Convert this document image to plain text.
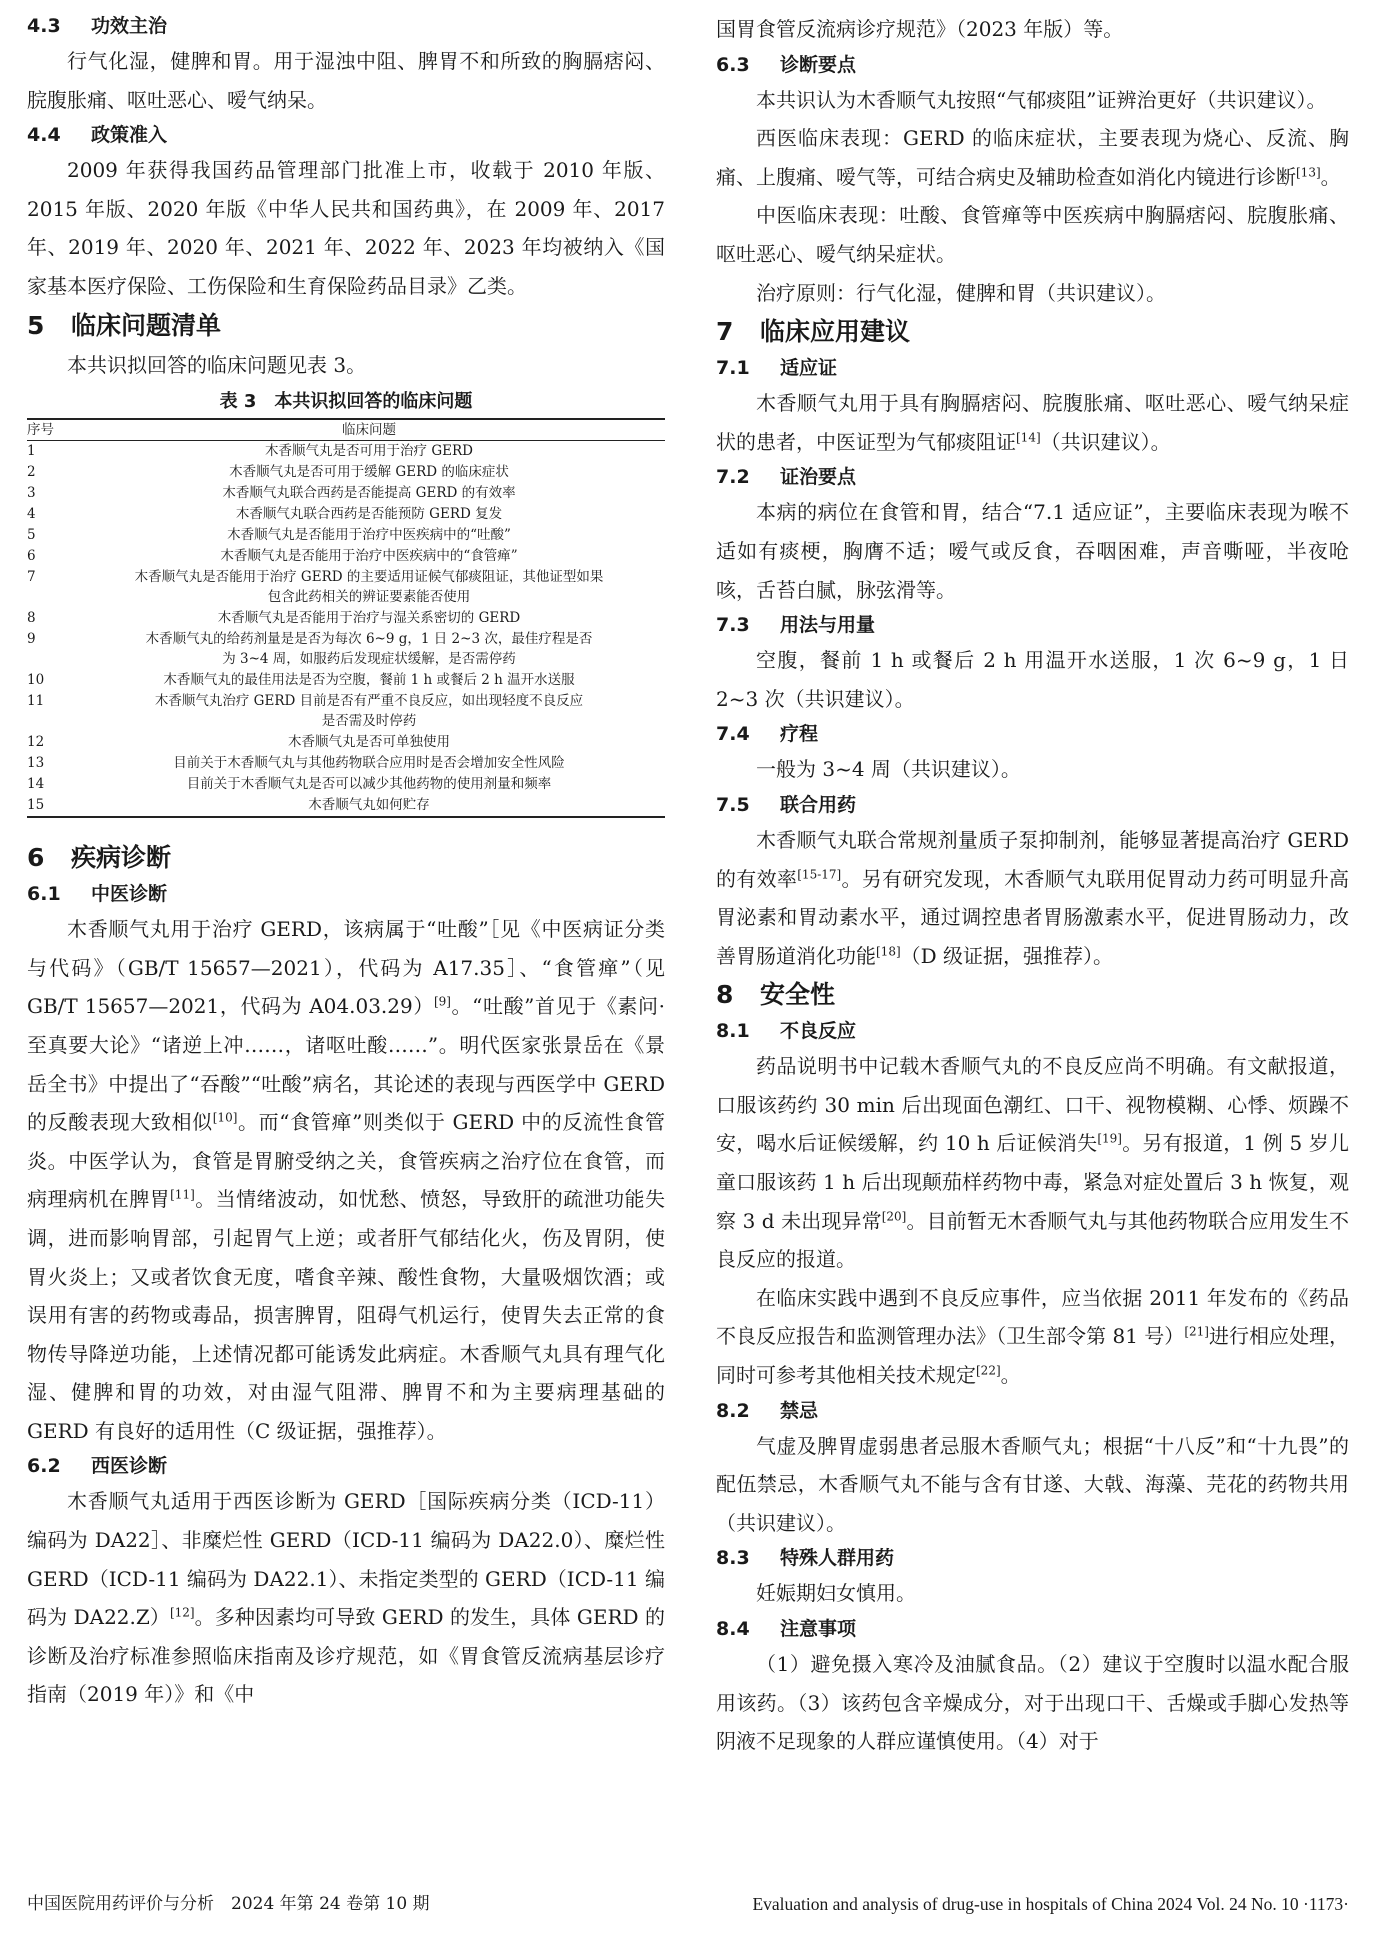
4.3 功效主治

行气化湿，健脾和胃。用于湿浊中阻、脾胃不和所致的胸膈痞闷、脘腹胀痛、呕吐恶心、嗳气纳呆。

4.4 政策准入

2009 年获得我国药品管理部门批准上市，收载于 2010 年版、2015 年版、2020 年版《中华人民共和国药典》，在 2009 年、2017 年、2019 年、2020 年、2021 年、2022 年、2023 年均被纳入《国家基本医疗保险、工伤保险和生育保险药品目录》乙类。

5 临床问题清单

本共识拟回答的临床问题见表 3。

表 3　本共识拟回答的临床问题
序号	临床问题
1	木香顺气丸是否可用于治疗 GERD

2	木香顺气丸是否可用于缓解 GERD 的临床症状

3	木香顺气丸联合西药是否能提高 GERD 的有效率

4	木香顺气丸联合西药是否能预防 GERD 复发

5	木香顺气丸是否能用于治疗中医疾病中的“吐酸”

6	木香顺气丸是否能用于治疗中医疾病中的“食管瘅”

7	木香顺气丸是否能用于治疗 GERD 的主要适用证候气郁痰阻证，其他证型如果
包含此药相关的辨证要素能否使用

8	木香顺气丸是否能用于治疗与湿关系密切的 GERD

9	木香顺气丸的给药剂量是是否为每次 6~9 g，1 日 2~3 次，最佳疗程是否
为 3~4 周，如服药后发现症状缓解，是否需停药

10	木香顺气丸的最佳用法是否为空腹，餐前 1 h 或餐后 2 h 温开水送服

11	木香顺气丸治疗 GERD 目前是否有严重不良反应，如出现轻度不良反应
是否需及时停药

12	木香顺气丸是否可单独使用

13	目前关于木香顺气丸与其他药物联合应用时是否会增加安全性风险

14	目前关于木香顺气丸是否可以减少其他药物的使用剂量和频率

15	木香顺气丸如何贮存
6 疾病诊断
6.1 中医诊断

木香顺气丸用于治疗 GERD，该病属于“吐酸”［见《中医病证分类与代码》（GB/T 15657—2021），代码为 A17.35］、“食管瘅”（见 GB/T 15657—2021，代码为 A04.03.29）[9]。“吐酸”首见于《素问·至真要大论》“诸逆上冲……，诸呕吐酸……”。明代医家张景岳在《景岳全书》中提出了“吞酸”“吐酸”病名，其论述的表现与西医学中 GERD 的反酸表现大致相似[10]。而“食管瘅”则类似于 GERD 中的反流性食管炎。中医学认为，食管是胃腑受纳之关，食管疾病之治疗位在食管，而病理病机在脾胃[11]。当情绪波动，如忧愁、愤怒，导致肝的疏泄功能失调，进而影响胃部，引起胃气上逆；或者肝气郁结化火，伤及胃阴，使胃火炎上；又或者饮食无度，嗜食辛辣、酸性食物，大量吸烟饮酒；或误用有害的药物或毒品，损害脾胃，阻碍气机运行，使胃失去正常的食物传导降逆功能，上述情况都可能诱发此病症。木香顺气丸具有理气化湿、健脾和胃的功效，对由湿气阻滞、脾胃不和为主要病理基础的 GERD 有良好的适用性（C 级证据，强推荐）。

6.2 西医诊断

木香顺气丸适用于西医诊断为 GERD［国际疾病分类（ICD-11）编码为 DA22］、非糜烂性 GERD（ICD-11 编码为 DA22.0）、糜烂性 GERD（ICD-11 编码为 DA22.1）、未指定类型的 GERD（ICD-11 编码为 DA22.Z）[12]。多种因素均可导致 GERD 的发生，具体 GERD 的诊断及治疗标准参照临床指南及诊疗规范，如《胃食管反流病基层诊疗指南（2019 年）》和《中

国胃食管反流病诊疗规范》（2023 年版）等。

6.3 诊断要点

本共识认为木香顺气丸按照“气郁痰阻”证辨治更好（共识建议）。

西医临床表现：GERD 的临床症状，主要表现为烧心、反流、胸痛、上腹痛、嗳气等，可结合病史及辅助检查如消化内镜进行诊断[13]。

中医临床表现：吐酸、食管瘅等中医疾病中胸膈痞闷、脘腹胀痛、呕吐恶心、嗳气纳呆症状。

治疗原则：行气化湿，健脾和胃（共识建议）。

7 临床应用建议
7.1 适应证

木香顺气丸用于具有胸膈痞闷、脘腹胀痛、呕吐恶心、嗳气纳呆症状的患者，中医证型为气郁痰阻证[14]（共识建议）。

7.2 证治要点

本病的病位在食管和胃，结合“7.1 适应证”，主要临床表现为喉不适如有痰梗，胸膺不适；嗳气或反食，吞咽困难，声音嘶哑，半夜呛咳，舌苔白腻，脉弦滑等。

7.3 用法与用量

空腹，餐前 1 h 或餐后 2 h 用温开水送服，1 次 6~9 g，1 日 2~3 次（共识建议）。

7.4 疗程

一般为 3~4 周（共识建议）。

7.5 联合用药

木香顺气丸联合常规剂量质子泵抑制剂，能够显著提高治疗 GERD 的有效率[15-17]。另有研究发现，木香顺气丸联用促胃动力药可明显升高胃泌素和胃动素水平，通过调控患者胃肠激素水平，促进胃肠动力，改善胃肠道消化功能[18]（D 级证据，强推荐）。

8 安全性
8.1 不良反应

药品说明书中记载木香顺气丸的不良反应尚不明确。有文献报道，口服该药约 30 min 后出现面色潮红、口干、视物模糊、心悸、烦躁不安，喝水后证候缓解，约 10 h 后证候消失[19]。另有报道，1 例 5 岁儿童口服该药 1 h 后出现颠茄样药物中毒，紧急对症处置后 3 h 恢复，观察 3 d 未出现异常[20]。目前暂无木香顺气丸与其他药物联合应用发生不良反应的报道。

在临床实践中遇到不良反应事件，应当依据 2011 年发布的《药品不良反应报告和监测管理办法》（卫生部令第 81 号）[21]进行相应处理，同时可参考其他相关技术规定[22]。

8.2 禁忌

气虚及脾胃虚弱患者忌服木香顺气丸；根据“十八反”和“十九畏”的配伍禁忌，木香顺气丸不能与含有甘遂、大戟、海藻、芫花的药物共用（共识建议）。

8.3 特殊人群用药

妊娠期妇女慎用。

8.4 注意事项

（1）避免摄入寒冷及油腻食品。（2）建议于空腹时以温水配合服用该药。（3）该药包含辛燥成分，对于出现口干、舌燥或手脚心发热等阴液不足现象的人群应谨慎使用。（4）对于

中国医院用药评价与分析　2024 年第 24 卷第 10 期	Evaluation and analysis of drug-use in hospitals of China 2024 Vol. 24 No. 10 ·1173·
